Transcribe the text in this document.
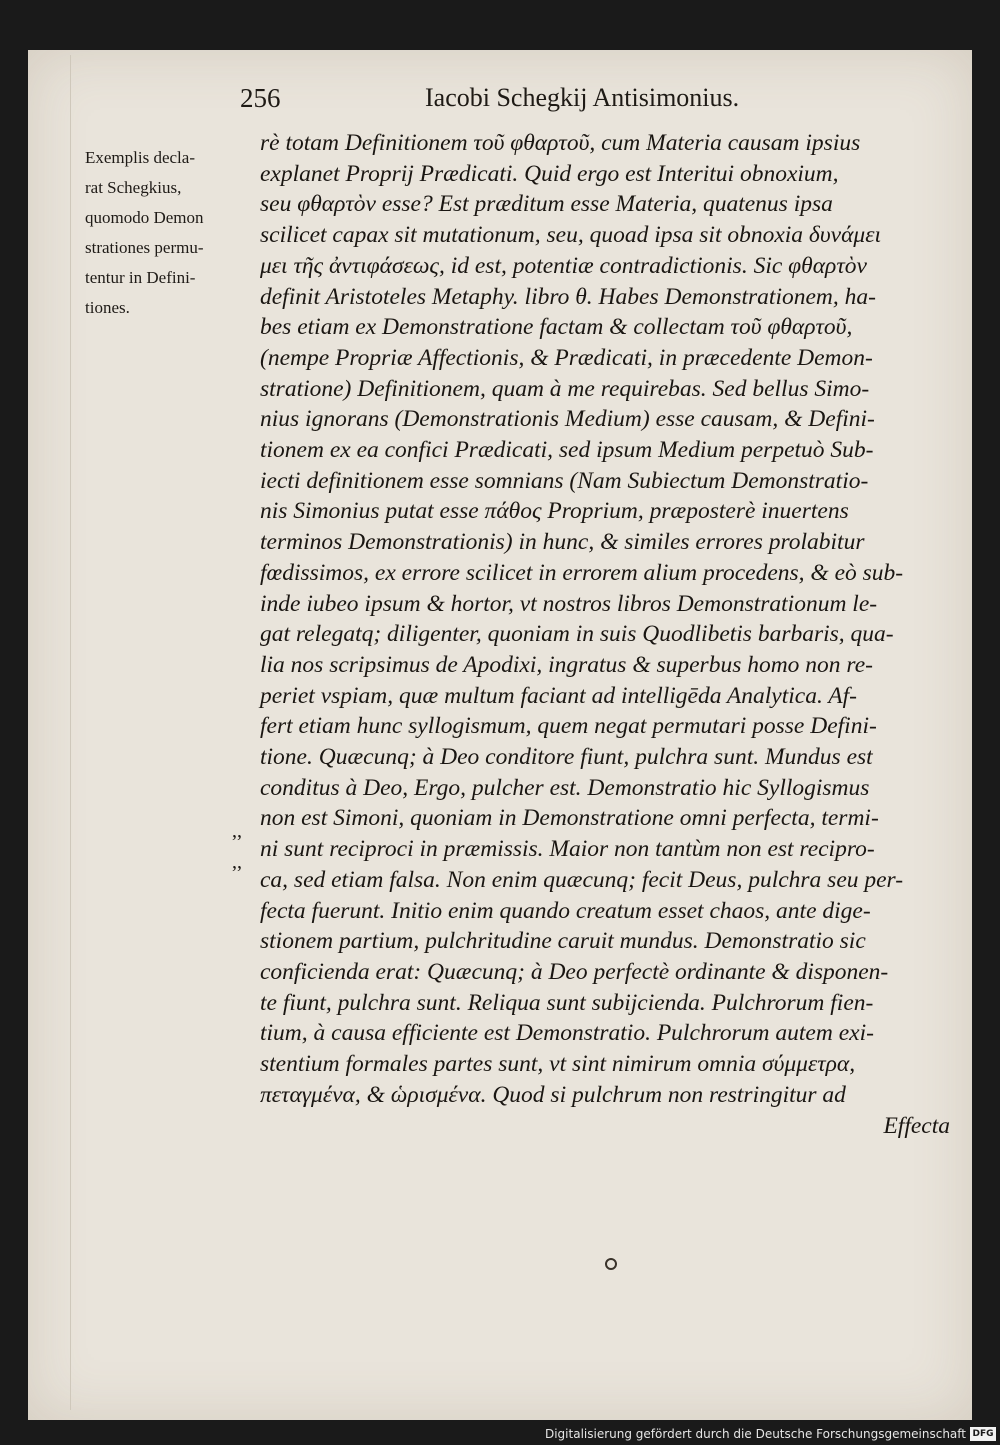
256	Iacobi Schegkij Antisimonius.
Exemplis decla-
rat Schegkius,
quomodo Demon
strationes permu-
tentur in Defini-
tiones.
,,
,,
rè totam Definitionem τοῦ φθαρτοῦ, cum Materia causam ipsius
explanet Proprij Prædicati. Quid ergo est Interitui obnoxium,
seu φθαρτὸν esse? Est præditum esse Materia, quatenus ipsa
scilicet capax sit mutationum, seu, quoad ipsa sit obnoxia δυνάμει
μει τῆς ἀντιφάσεως, id est, potentiæ contradictionis. Sic φθαρτὸν
definit Aristoteles Metaphy. libro θ. Habes Demonstrationem, ha-
bes etiam ex Demonstratione factam & collectam τοῦ φθαρτοῦ,
(nempe Propriæ Affectionis, & Prædicati, in præcedente Demon-
stratione) Definitionem, quam à me requirebas. Sed bellus Simo-
nius ignorans (Demonstrationis Medium) esse causam, & Defini-
tionem ex ea confici Prædicati, sed ipsum Medium perpetuò Sub-
iecti definitionem esse somnians (Nam Subiectum Demonstratio-
nis Simonius putat esse πάθος Proprium, præposterè inuertens
terminos Demonstrationis) in hunc, & similes errores prolabitur
fœdissimos, ex errore scilicet in errorem alium procedens, & eò sub-
inde iubeo ipsum & hortor, vt nostros libros Demonstrationum le-
gat relegatq; diligenter, quoniam in suis Quodlibetis barbaris, qua-
lia nos scripsimus de Apodixi, ingratus & superbus homo non re-
periet vspiam, quæ multum faciant ad intelligēda Analytica. Af-
fert etiam hunc syllogismum, quem negat permutari posse Defini-
tione. Quæcunq; à Deo conditore fiunt, pulchra sunt. Mundus est
conditus à Deo, Ergo, pulcher est. Demonstratio hic Syllogismus
non est Simoni, quoniam in Demonstratione omni perfecta, termi-
ni sunt reciproci in præmissis. Maior non tantùm non est recipro-
ca, sed etiam falsa. Non enim quæcunq; fecit Deus, pulchra seu per-
fecta fuerunt. Initio enim quando creatum esset chaos, ante dige-
stionem partium, pulchritudine caruit mundus. Demonstratio sic
conficienda erat: Quæcunq; à Deo perfectè ordinante & disponen-
te fiunt, pulchra sunt. Reliqua sunt subijcienda. Pulchrorum fien-
tium, à causa efficiente est Demonstratio. Pulchrorum autem exi-
stentium formales partes sunt, vt sint nimirum omnia σύμμετρα,
πεταγμένα, & ὡρισμένα. Quod si pulchrum non restringitur ad
Effecta
Digitalisierung gefördert durch die Deutsche Forschungsgemeinschaft DFG
